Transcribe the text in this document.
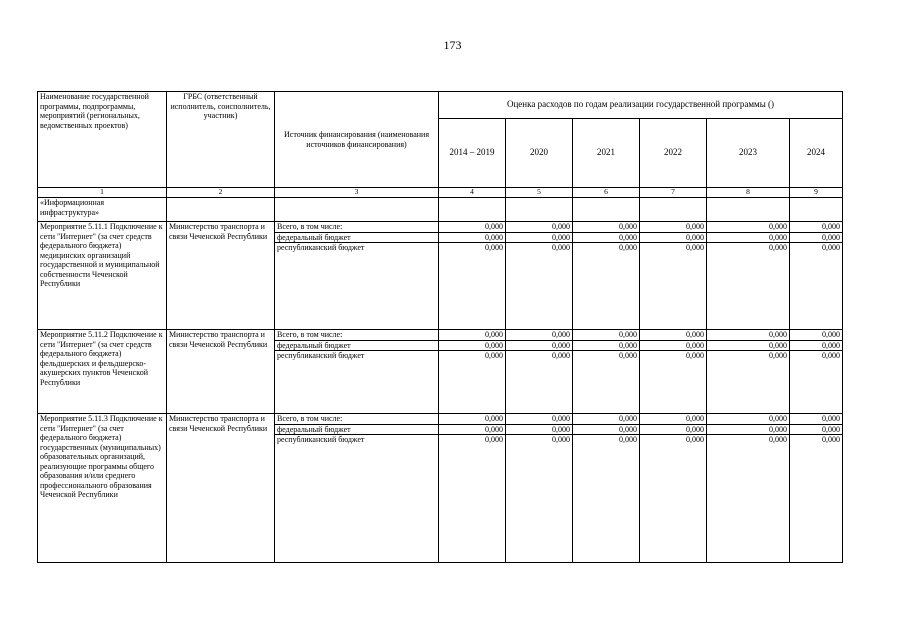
173
Наименование государственной программы, подпрограммы, мероприятий (региональных, ведомственных проектов)	ГРБС (ответственный исполнитель, соисполнитель, участник)	Источник финансирования (наименования источников финансирования)	Оценка расходов по годам реализации государственной программы ()					
			2014 – 2019	2020	2021	2022	2023	2024
1	2	3	4	5	6	7	8	9
«Информационная инфраструктура»								
Мероприятие 5.11.1 Подключение к сети "Интернет" (за счет средств федерального бюджета) медицинских организаций государственной и муниципальной собственности Чеченской Республики	Министерство транспорта и связи Чеченской Республики	Всего, в том числе:	0,000	0,000	0,000	0,000	0,000	0,000
		федеральный бюджет	0,000	0,000	0,000	0,000	0,000	0,000
		республиканский бюджет	0,000	0,000	0,000	0,000	0,000	0,000
Мероприятие 5.11.2 Подключение к сети "Интернет" (за счет средств федерального бюджета) фельдшерских и фельдшерско-акушерских пунктов Чеченской Республики	Министерство транспорта и связи Чеченской Республики	Всего, в том числе:	0,000	0,000	0,000	0,000	0,000	0,000
		федеральный бюджет	0,000	0,000	0,000	0,000	0,000	0,000
		республиканский бюджет	0,000	0,000	0,000	0,000	0,000	0,000
Мероприятие 5.11.3 Подключение к сети "Интернет" (за счет федерального бюджета) государственных (муниципальных) образовательных организаций, реализующие программы общего образования и/или среднего профессионального образования Чеченской Республики	Министерство транспорта и связи Чеченской Республики	Всего, в том числе:	0,000	0,000	0,000	0,000	0,000	0,000
		федеральный бюджет	0,000	0,000	0,000	0,000	0,000	0,000
		республиканский бюджет	0,000	0,000	0,000	0,000	0,000	0,000
